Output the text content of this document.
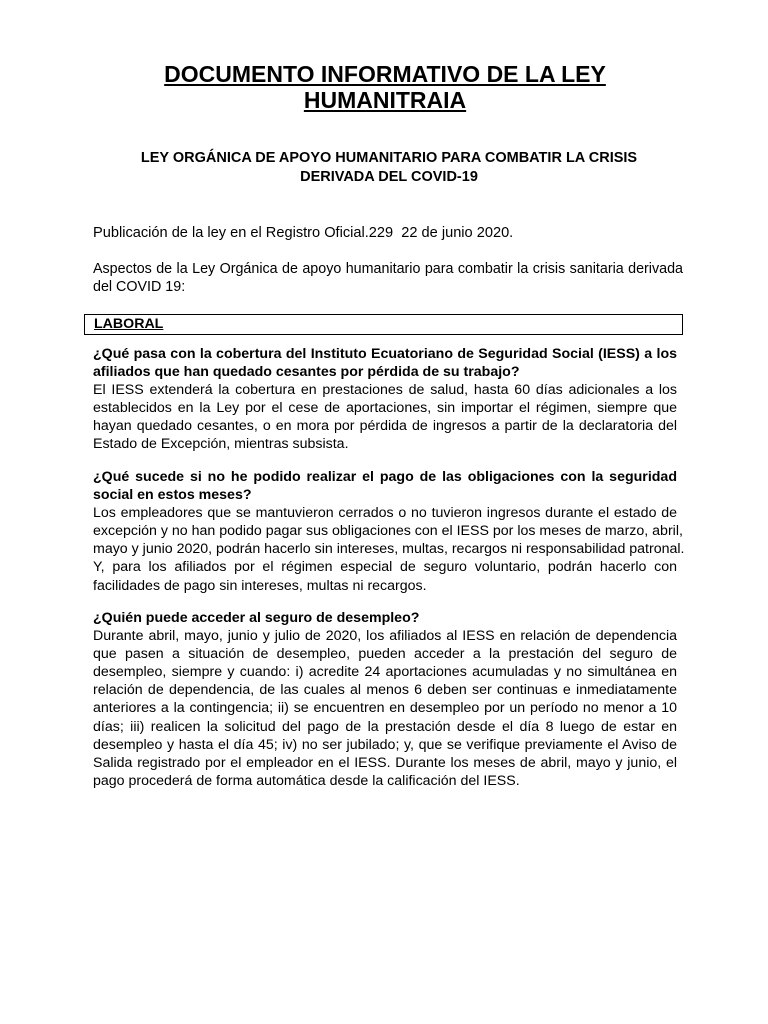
DOCUMENTO INFORMATIVO DE LA LEY
HUMANITRAIA
LEY ORGÁNICA DE APOYO HUMANITARIO PARA COMBATIR LA CRISIS
DERIVADA DEL COVID-19

Publicación de la ley en el Registro Oficial.229  22 de junio 2020.

Aspectos de la Ley Orgánica de apoyo humanitario para combatir la crisis sanitaria derivada del COVID 19:

LABORAL
¿Qué pasa con la cobertura del Instituto Ecuatoriano de Seguridad Social (IESS) a los
afiliados que han quedado cesantes por pérdida de su trabajo?
El IESS extenderá la cobertura en prestaciones de salud, hasta 60 días adicionales a los
establecidos en la Ley por el cese de aportaciones, sin importar el régimen, siempre que
hayan quedado cesantes, o en mora por pérdida de ingresos a partir de la declaratoria del
Estado de Excepción, mientras subsista.
¿Qué sucede si no he podido realizar el pago de las obligaciones con la seguridad
social en estos meses?
Los empleadores que se mantuvieron cerrados o no tuvieron ingresos durante el estado de
excepción y no han podido pagar sus obligaciones con el IESS por los meses de marzo, abril,
mayo y junio 2020, podrán hacerlo sin intereses, multas, recargos ni responsabilidad patronal.
Y, para los afiliados por el régimen especial de seguro voluntario, podrán hacerlo con
facilidades de pago sin intereses, multas ni recargos.
¿Quién puede acceder al seguro de desempleo?
Durante abril, mayo, junio y julio de 2020, los afiliados al IESS en relación de dependencia
que pasen a situación de desempleo, pueden acceder a la prestación del seguro de
desempleo, siempre y cuando: i) acredite 24 aportaciones acumuladas y no simultánea en
relación de dependencia, de las cuales al menos 6 deben ser continuas e inmediatamente
anteriores a la contingencia; ii) se encuentren en desempleo por un período no menor a 10
días; iii) realicen la solicitud del pago de la prestación desde el día 8 luego de estar en
desempleo y hasta el día 45; iv) no ser jubilado; y, que se verifique previamente el Aviso de
Salida registrado por el empleador en el IESS. Durante los meses de abril, mayo y junio, el
pago procederá de forma automática desde la calificación del IESS.
